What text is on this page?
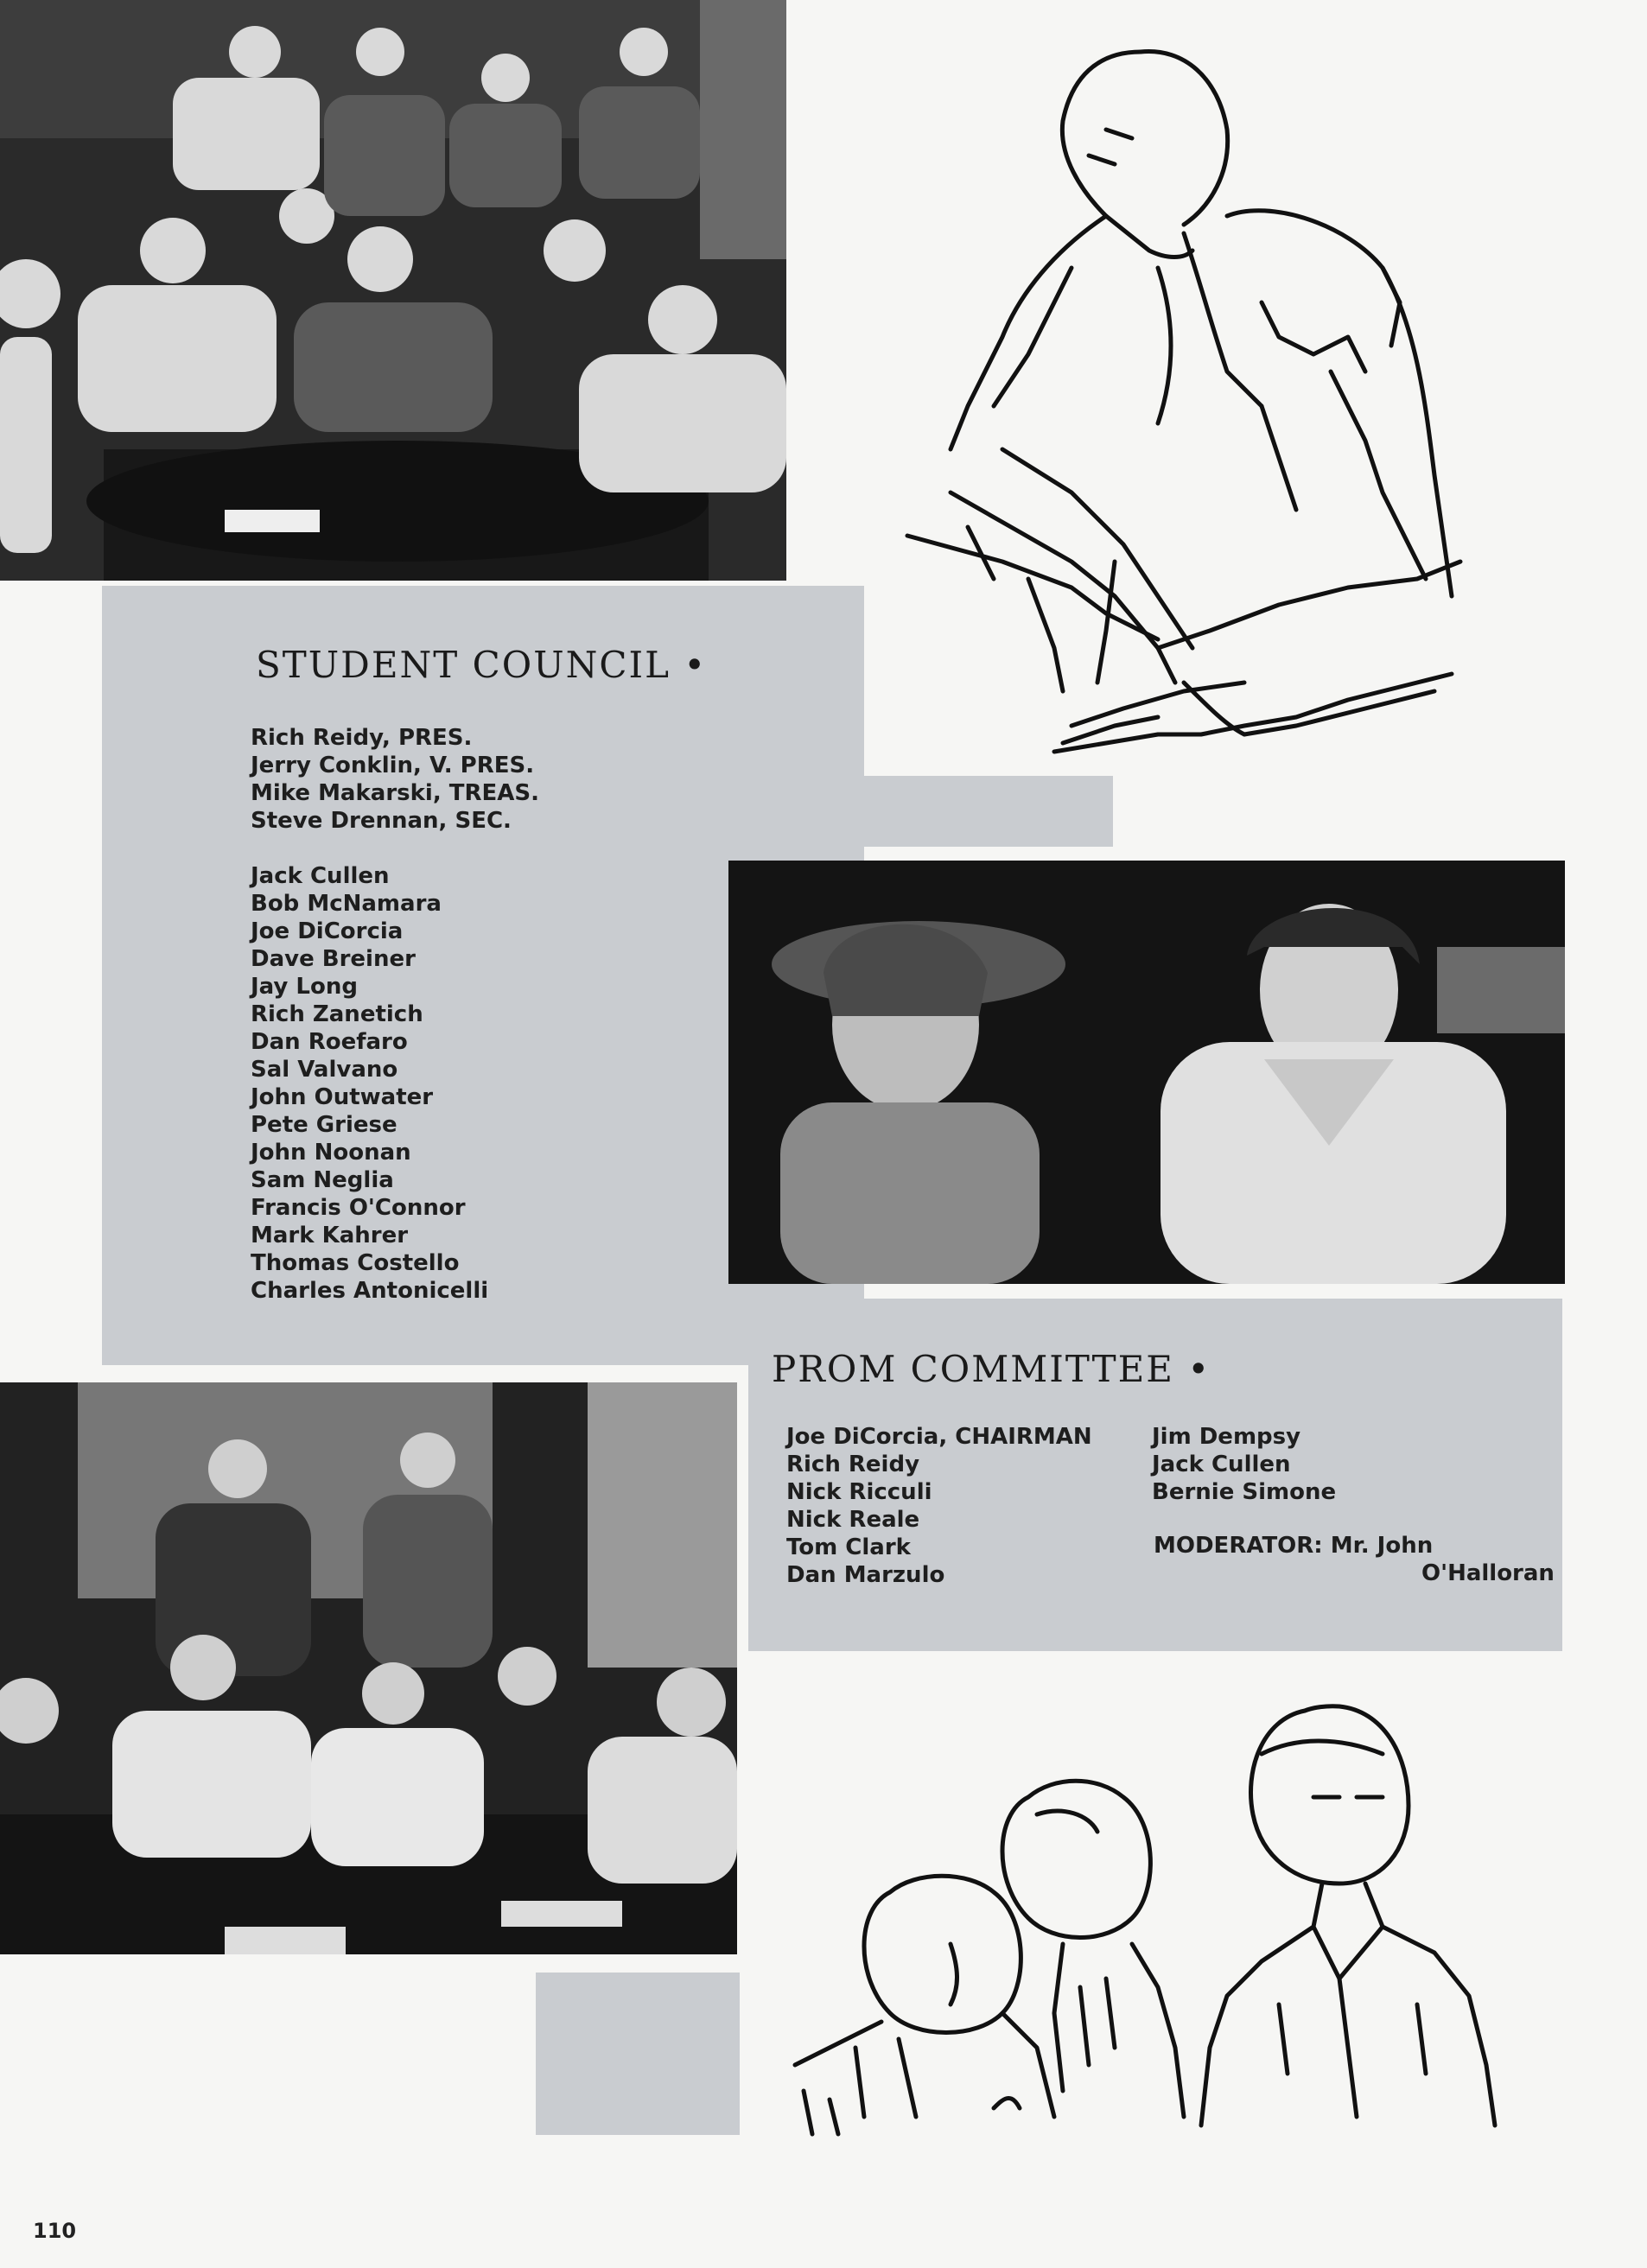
STUDENT COUNCIL •
Rich Reidy, PRES.
Jerry Conklin, V. PRES.
Mike Makarski, TREAS.
Steve Drennan, SEC.
Jack Cullen
Bob McNamara
Joe DiCorcia
Dave Breiner
Jay Long
Rich Zanetich
Dan Roefaro
Sal Valvano
John Outwater
Pete Griese
John Noonan
Sam Neglia
Francis O'Connor
Mark Kahrer
Thomas Costello
Charles Antonicelli
PROM COMMITTEE •
Joe DiCorcia, CHAIRMAN
Rich Reidy
Nick Ricculi
Nick Reale
Tom Clark
Dan Marzulo
Jim Dempsy
Jack Cullen
Bernie Simone
MODERATOR: Mr. John
O'Halloran
110
